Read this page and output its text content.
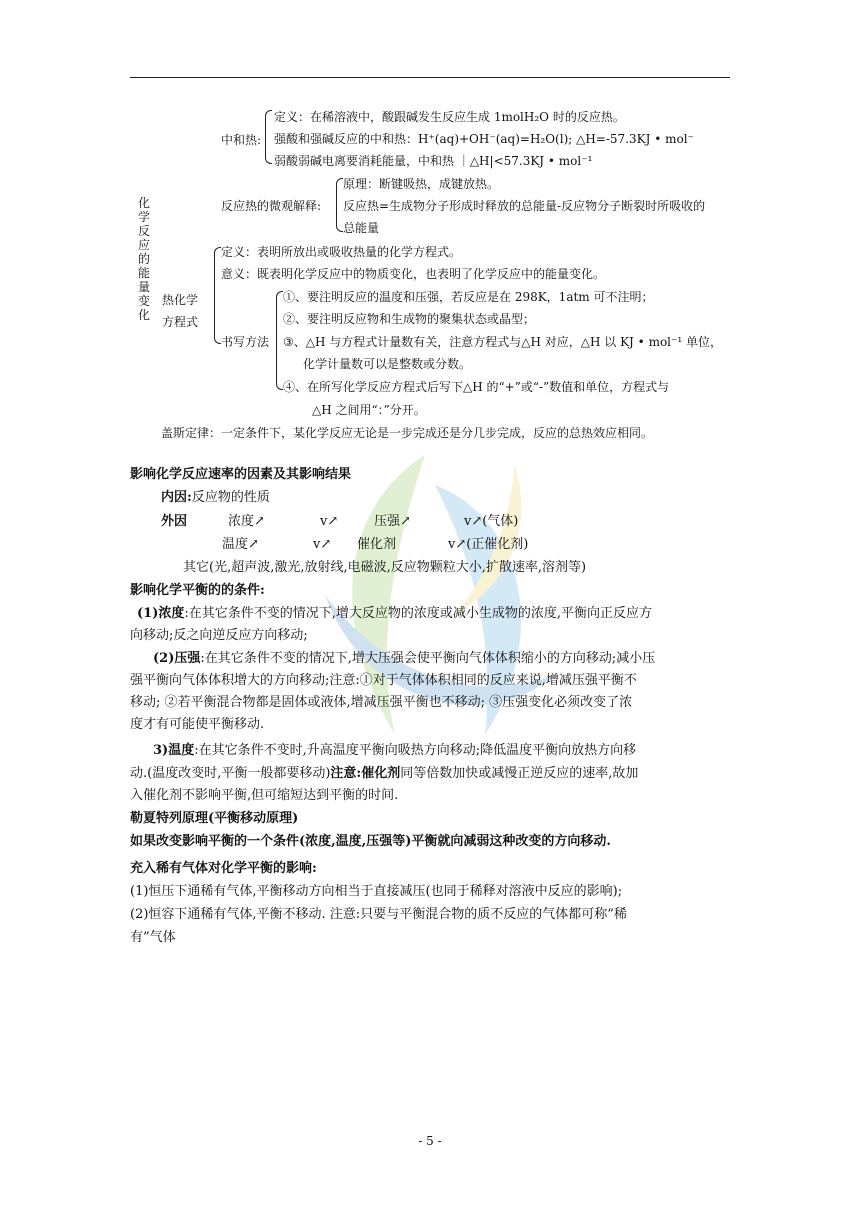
化学反应的能量变化
中和热:
定义：在稀溶液中，酸跟碱发生反应生成 1molH₂O 时的反应热。
强酸和强碱反应的中和热：H⁺(aq)+OH⁻(aq)=H₂O(l); △H=-57.3KJ • mol⁻
弱酸弱碱电离要消耗能量，中和热 ｜△H|<57.3KJ • mol⁻¹
反应热的微观解释:
原理：断键吸热，成键放热。
反应热=生成物分子形成时释放的总能量-反应物分子断裂时所吸收的
总能量
热化学
方程式
定义：表明所放出或吸收热量的化学方程式。
意义：既表明化学反应中的物质变化，也表明了化学反应中的能量变化。
书写方法
①、要注明反应的温度和压强，若反应是在 298K，1atm 可不注明；
②、要注明反应物和生成物的聚集状态或晶型；
③、△H 与方程式计量数有关，注意方程式与△H 对应，△H 以 KJ • mol⁻¹ 单位，
化学计量数可以是整数或分数。
④、在所写化学反应方程式后写下△H 的“+”或“-”数值和单位，方程式与
△H 之间用“：”分开。
盖斯定律：一定条件下，某化学反应无论是一步完成还是分几步完成，反应的总热效应相同。
影响化学反应速率的因素及其影响结果
内因:反应物的性质
外因	浓度↗	v↗	压强↗	v↗(气体)
温度↗	v↗ 催化剂	v↗(正催化剂)
其它(光,超声波,激光,放射线,电磁波,反应物颗粒大小,扩散速率,溶剂等)
影响化学平衡的的条件:
(1)浓度:在其它条件不变的情况下,增大反应物的浓度或减小生成物的浓度,平衡向正反应方
向移动;反之向逆反应方向移动;
(2)压强:在其它条件不变的情况下,增大压强会使平衡向气体体积缩小的方向移动;减小压
强平衡向气体体积增大的方向移动;注意:①对于气体体积相同的反应来说,增减压强平衡不
移动; ②若平衡混合物都是固体或液体,增减压强平衡也不移动; ③压强变化必须改变了浓
度才有可能使平衡移动.
3)温度:在其它条件不变时,升高温度平衡向吸热方向移动;降低温度平衡向放热方向移
动.(温度改变时,平衡一般都要移动)注意:催化剂同等倍数加快或减慢正逆反应的速率,故加
入催化剂不影响平衡,但可缩短达到平衡的时间.
勒夏特列原理(平衡移动原理)
如果改变影响平衡的一个条件(浓度,温度,压强等)平衡就向减弱这种改变的方向移动.
充入稀有气体对化学平衡的影响:
(1)恒压下通稀有气体,平衡移动方向相当于直接减压(也同于稀释对溶液中反应的影响);
(2)恒容下通稀有气体,平衡不移动. 注意:只要与平衡混合物的质不反应的气体都可称”稀
有”气体
- 5 -
